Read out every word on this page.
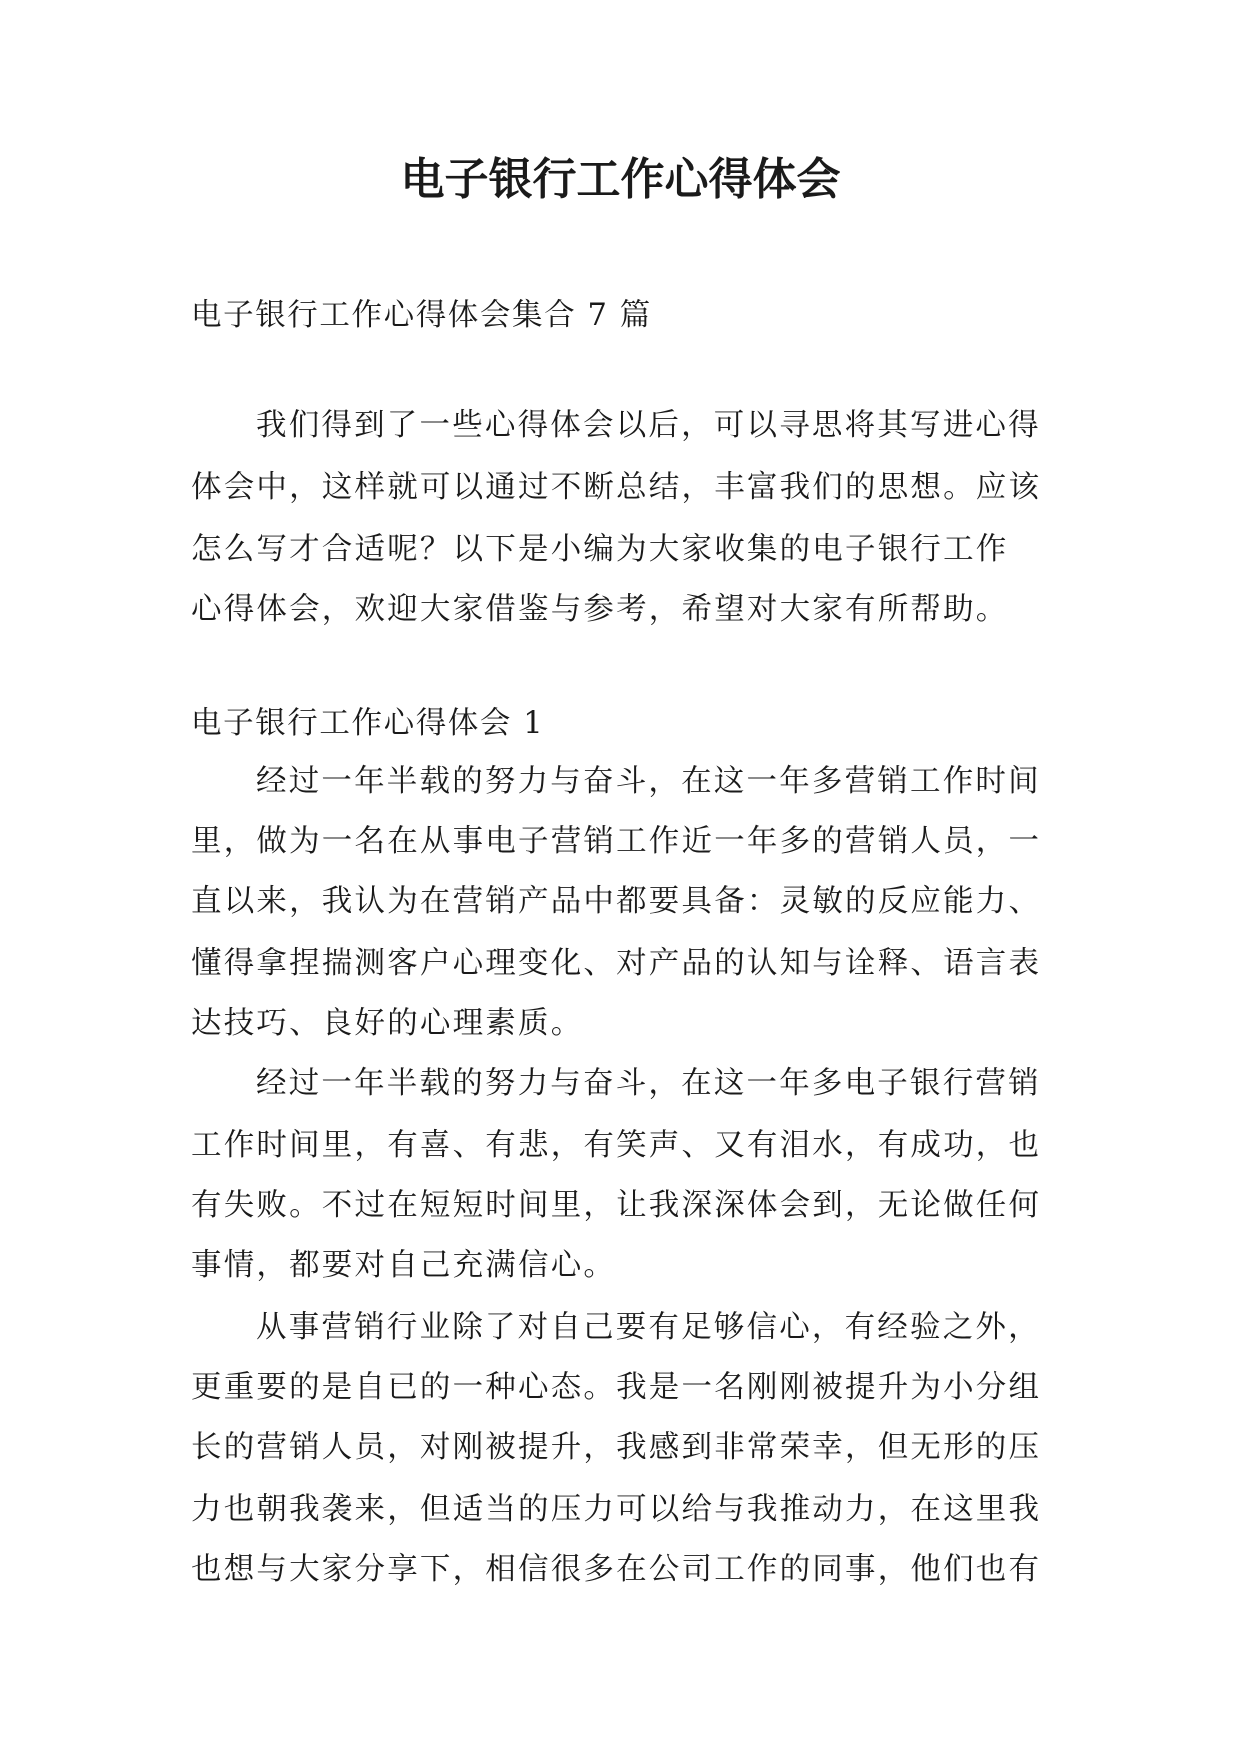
电子银行工作心得体会
电子银行工作心得体会集合 7 篇
我们得到了一些心得体会以后，可以寻思将其写进心得
体会中，这样就可以通过不断总结，丰富我们的思想。应该
怎么写才合适呢？以下是小编为大家收集的电子银行工作
心得体会，欢迎大家借鉴与参考，希望对大家有所帮助。
电子银行工作心得体会 1
经过一年半载的努力与奋斗，在这一年多营销工作时间
里，做为一名在从事电子营销工作近一年多的营销人员，一
直以来，我认为在营销产品中都要具备：灵敏的反应能力、
懂得拿捏揣测客户心理变化、对产品的认知与诠释、语言表
达技巧、良好的心理素质。
经过一年半载的努力与奋斗，在这一年多电子银行营销
工作时间里，有喜、有悲，有笑声、又有泪水，有成功，也
有失败。不过在短短时间里，让我深深体会到，无论做任何
事情，都要对自己充满信心。
从事营销行业除了对自己要有足够信心，有经验之外，
更重要的是自已的一种心态。我是一名刚刚被提升为小分组
长的营销人员，对刚被提升，我感到非常荣幸，但无形的压
力也朝我袭来，但适当的压力可以给与我推动力，在这里我
也想与大家分享下，相信很多在公司工作的同事，他们也有
